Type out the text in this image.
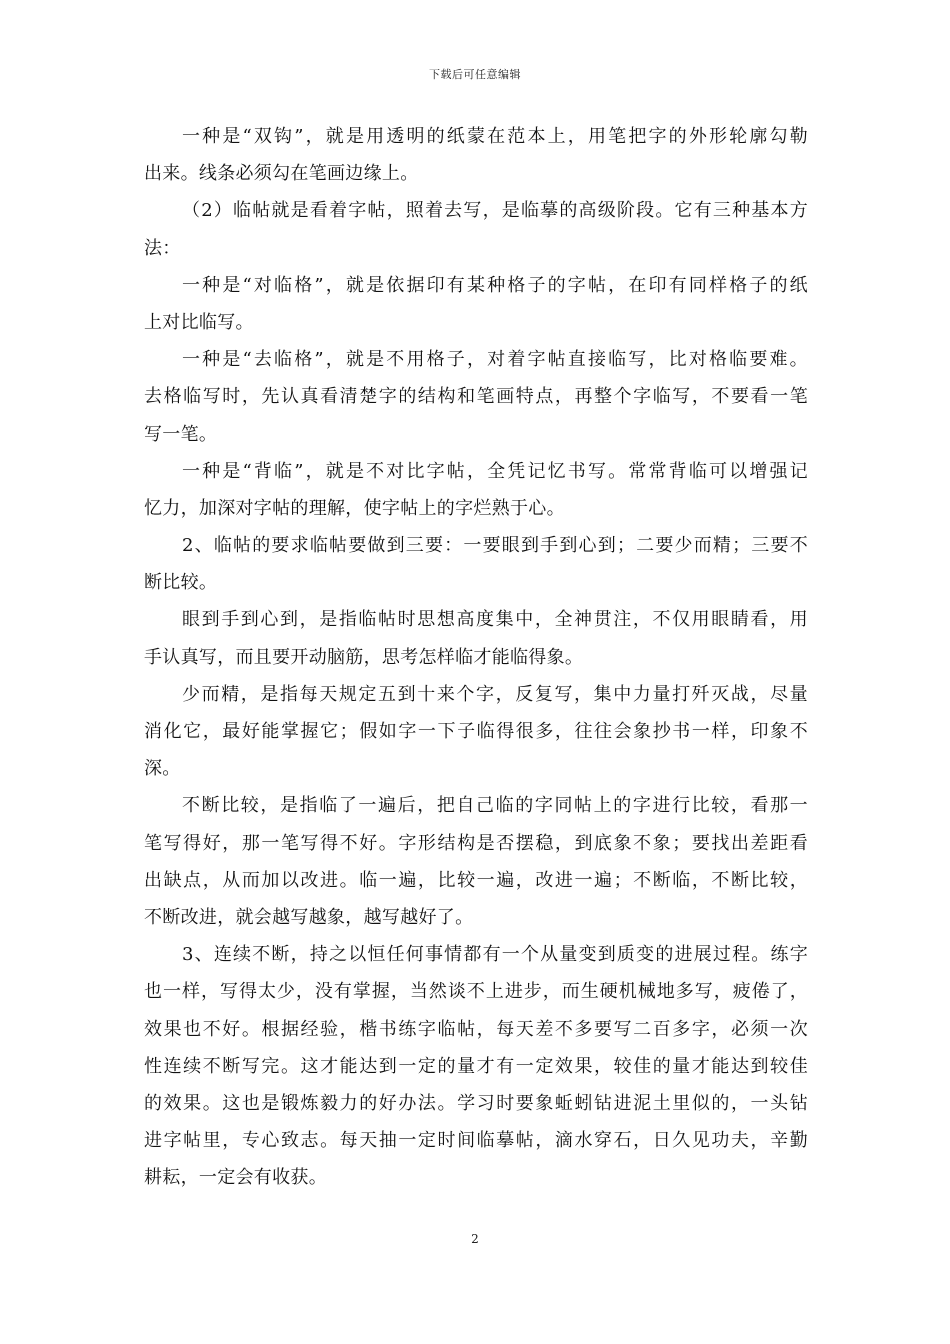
下载后可任意编辑
一种是“双钩”，就是用透明的纸蒙在范本上，用笔把字的外形轮廓勾勒
出来。线条必须勾在笔画边缘上。
（2）临帖就是看着字帖，照着去写，是临摹的高级阶段。它有三种基本方
法：
一种是“对临格”，就是依据印有某种格子的字帖，在印有同样格子的纸
上对比临写。
一种是“去临格”，就是不用格子，对着字帖直接临写，比对格临要难。
去格临写时，先认真看清楚字的结构和笔画特点，再整个字临写，不要看一笔
写一笔。
一种是“背临”，就是不对比字帖，全凭记忆书写。常常背临可以增强记
忆力，加深对字帖的理解，使字帖上的字烂熟于心。
2、临帖的要求临帖要做到三要：一要眼到手到心到；二要少而精；三要不
断比较。
眼到手到心到，是指临帖时思想高度集中，全神贯注，不仅用眼睛看，用
手认真写，而且要开动脑筋，思考怎样临才能临得象。
少而精，是指每天规定五到十来个字，反复写，集中力量打歼灭战，尽量
消化它，最好能掌握它；假如字一下子临得很多，往往会象抄书一样，印象不
深。
不断比较，是指临了一遍后，把自己临的字同帖上的字进行比较，看那一
笔写得好，那一笔写得不好。字形结构是否摆稳，到底象不象；要找出差距看
出缺点，从而加以改进。临一遍，比较一遍，改进一遍；不断临，不断比较，
不断改进，就会越写越象，越写越好了。
3、连续不断，持之以恒任何事情都有一个从量变到质变的进展过程。练字
也一样，写得太少，没有掌握，当然谈不上进步，而生硬机械地多写，疲倦了，
效果也不好。根据经验，楷书练字临帖，每天差不多要写二百多字，必须一次
性连续不断写完。这才能达到一定的量才有一定效果，较佳的量才能达到较佳
的效果。这也是锻炼毅力的好办法。学习时要象蚯蚓钻进泥土里似的，一头钻
进字帖里，专心致志。每天抽一定时间临摹帖，滴水穿石，日久见功夫，辛勤
耕耘，一定会有收获。
2
